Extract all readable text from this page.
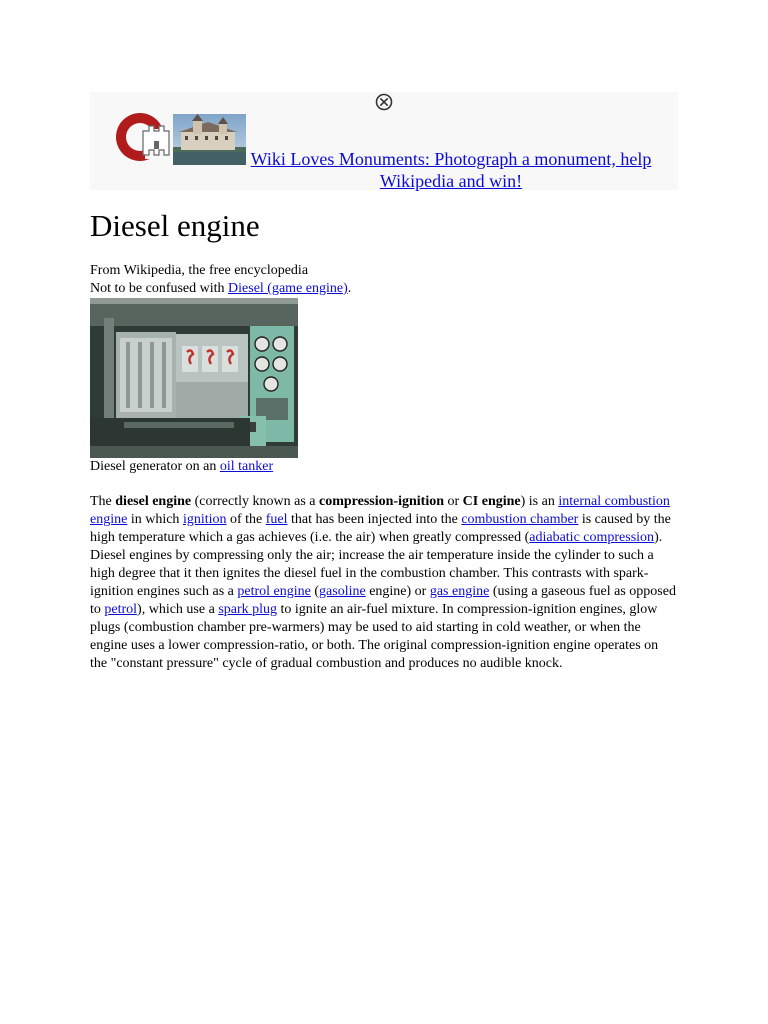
Wiki Loves Monuments: Photograph a monument, help Wikipedia and win!
Diesel engine
From Wikipedia, the free encyclopedia
Not to be confused with Diesel (game engine).
Diesel generator on an oil tanker

The diesel engine (correctly known as a compression-ignition or CI engine) is an internal combustion engine in which ignition of the fuel that has been injected into the combustion chamber is caused by the high temperature which a gas achieves (i.e. the air) when greatly compressed (adiabatic compression). Diesel engines by compressing only the air; increase the air temperature inside the cylinder to such a high degree that it then ignites the diesel fuel in the combustion chamber. This contrasts with spark-ignition engines such as a petrol engine (gasoline engine) or gas engine (using a gaseous fuel as opposed to petrol), which use a spark plug to ignite an air-fuel mixture. In compression-ignition engines, glow plugs (combustion chamber pre-warmers) may be used to aid starting in cold weather, or when the engine uses a lower compression-ratio, or both. The original compression-ignition engine operates on the "constant pressure" cycle of gradual combustion and produces no audible knock.
